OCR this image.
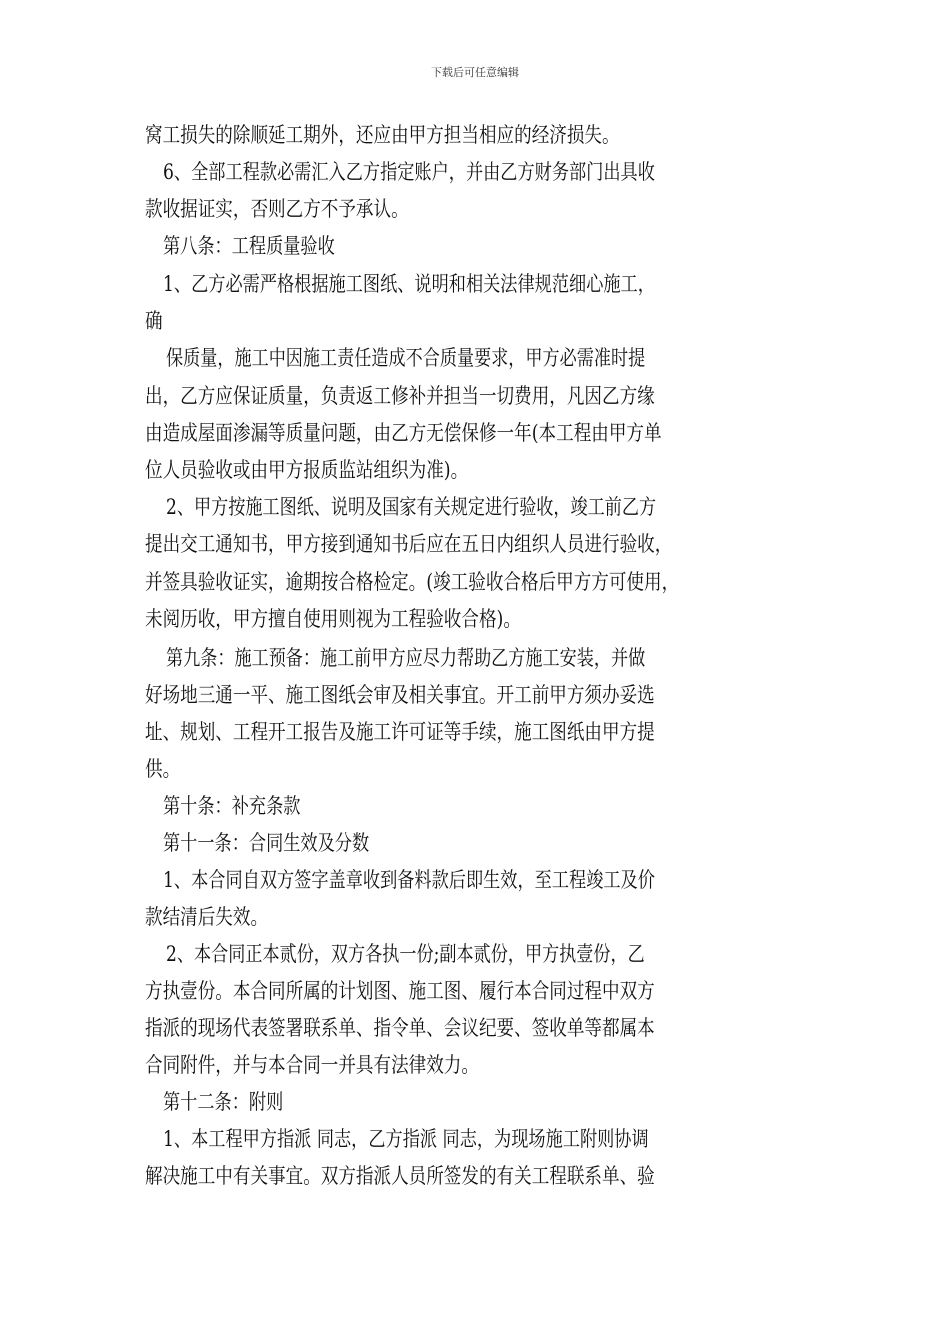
下载后可任意编辑
窝工损失的除顺延工期外，还应由甲方担当相应的经济损失。
6、全部工程款必需汇入乙方指定账户，并由乙方财务部门出具收
款收据证实，否则乙方不予承认。
第八条：工程质量验收
1、乙方必需严格根据施工图纸、说明和相关法律规范细心施工，
确
保质量，施工中因施工责任造成不合质量要求，甲方必需准时提
出，乙方应保证质量，负责返工修补并担当一切费用，凡因乙方缘
由造成屋面渗漏等质量问题，由乙方无偿保修一年(本工程由甲方单
位人员验收或由甲方报质监站组织为准)。
2、甲方按施工图纸、说明及国家有关规定进行验收，竣工前乙方
提出交工通知书，甲方接到通知书后应在五日内组织人员进行验收，
并签具验收证实，逾期按合格检定。(竣工验收合格后甲方方可使用，
未阅历收，甲方擅自使用则视为工程验收合格)。
第九条：施工预备：施工前甲方应尽力帮助乙方施工安装，并做
好场地三通一平、施工图纸会审及相关事宜。开工前甲方须办妥选
址、规划、工程开工报告及施工许可证等手续，施工图纸由甲方提
供。
第十条：补充条款
第十一条：合同生效及分数
1、本合同自双方签字盖章收到备料款后即生效，至工程竣工及价
款结清后失效。
2、本合同正本贰份，双方各执一份;副本贰份，甲方执壹份，乙
方执壹份。本合同所属的计划图、施工图、履行本合同过程中双方
指派的现场代表签署联系单、指令单、会议纪要、签收单等都属本
合同附件，并与本合同一并具有法律效力。
第十二条：附则
1、本工程甲方指派 同志，乙方指派 同志，为现场施工附则协调
解决施工中有关事宜。双方指派人员所签发的有关工程联系单、验
